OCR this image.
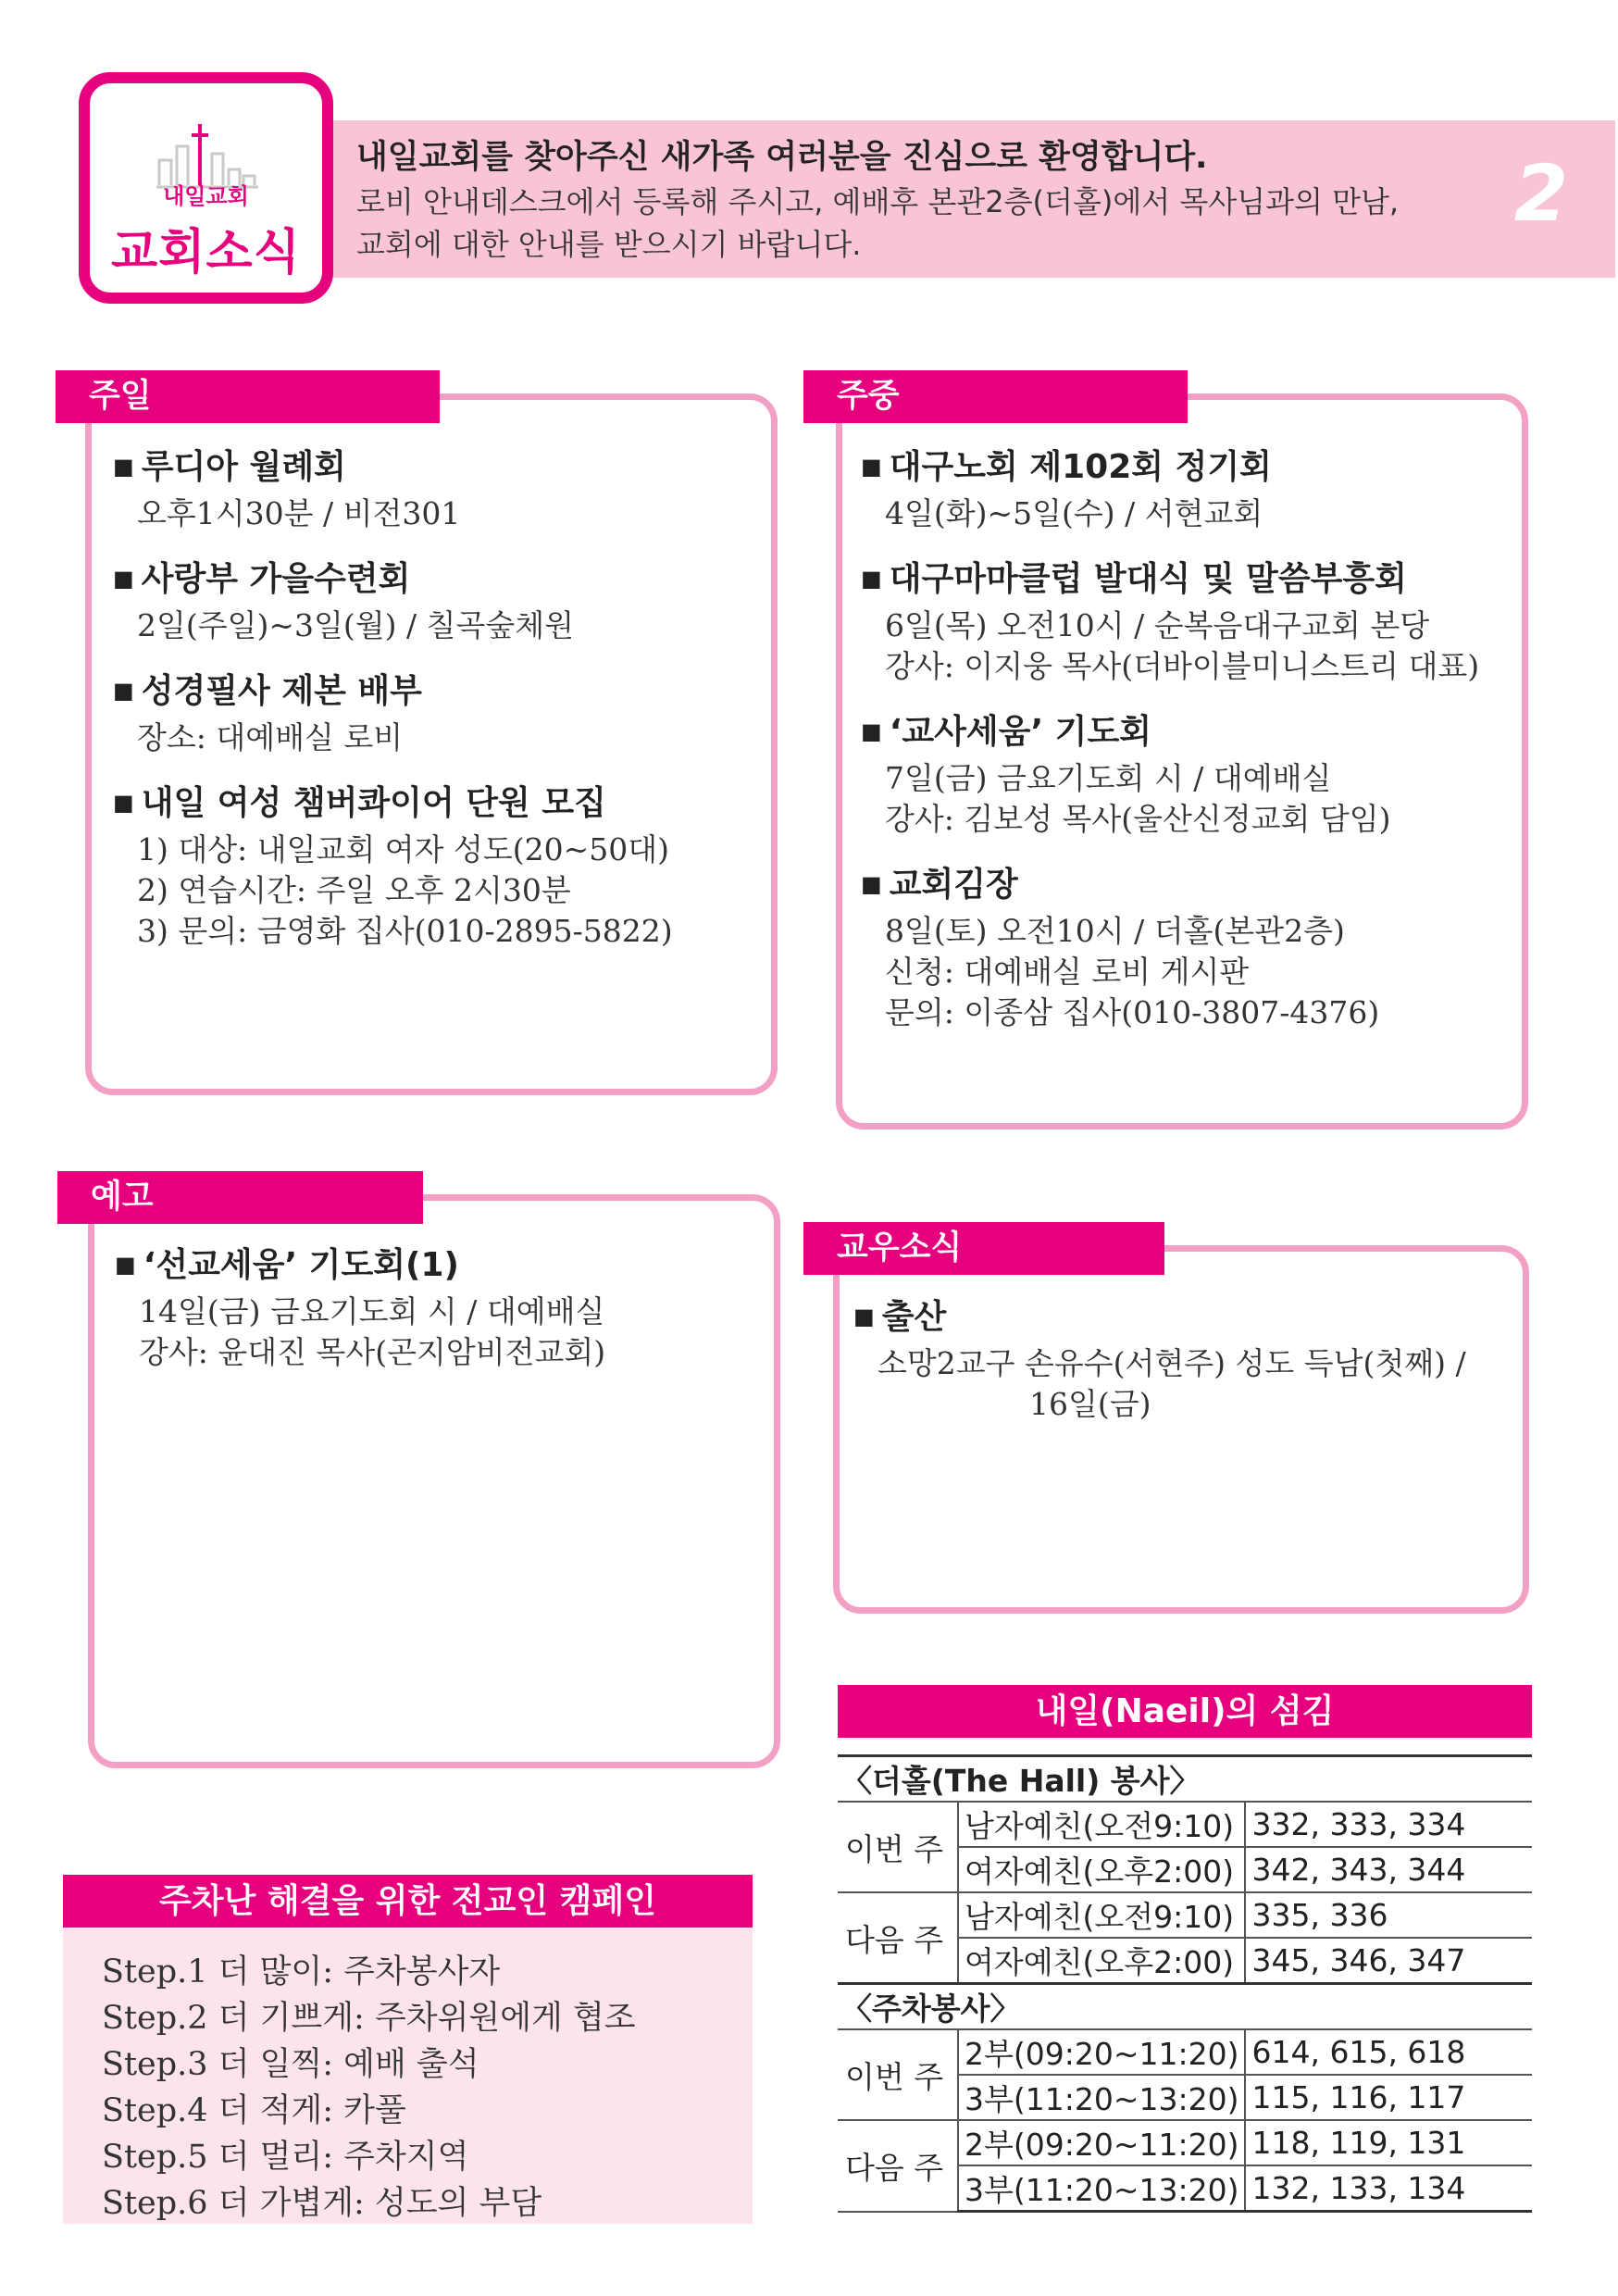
내일교회
교회소식
내일교회를 찾아주신 새가족 여러분을 진심으로 환영합니다.
로비 안내데스크에서 등록해 주시고, 예배후 본관2층(더홀)에서 목사님과의 만남,
교회에 대한 안내를 받으시기 바랍니다.
2
주일
■ 루디아 월례회
오후1시30분 / 비전301
■ 사랑부 가을수련회
2일(주일)~3일(월) / 칠곡숲체원
■ 성경필사 제본 배부
장소: 대예배실 로비
■ 내일 여성 챔버콰이어 단원 모집
1) 대상: 내일교회 여자 성도(20~50대)
2) 연습시간: 주일 오후 2시30분
3) 문의: 금영화 집사(010-2895-5822)
주중
■ 대구노회 제102회 정기회
4일(화)~5일(수) / 서현교회
■ 대구마마클럽 발대식 및 말씀부흥회
6일(목) 오전10시 / 순복음대구교회 본당
강사: 이지웅 목사(더바이블미니스트리 대표)
■ ‘교사세움’ 기도회
7일(금) 금요기도회 시 / 대예배실
강사: 김보성 목사(울산신정교회 담임)
■ 교회김장
8일(토) 오전10시 / 더홀(본관2층)
신청: 대예배실 로비 게시판
문의: 이종삼 집사(010-3807-4376)
예고
■ ‘선교세움’ 기도회(1)
14일(금) 금요기도회 시 / 대예배실
강사: 윤대진 목사(곤지암비전교회)
교우소식
■ 출산
소망2교구 손유수(서현주) 성도 득남(첫째) /
16일(금)
주차난 해결을 위한 전교인 캠페인
Step.1 더 많이: 주차봉사자
Step.2 더 기쁘게: 주차위원에게 협조
Step.3 더 일찍: 예배 출석
Step.4 더 적게: 카풀
Step.5 더 멀리: 주차지역
Step.6 더 가볍게: 성도의 부담
내일(Naeil)의 섬김
〈더홀(The Hall) 봉사〉		
이번 주	남자예친(오전9:10)	332, 333, 334
	여자예친(오후2:00)	342, 343, 344
다음 주	남자예친(오전9:10)	335, 336
	여자예친(오후2:00)	345, 346, 347
〈주차봉사〉		
이번 주	2부(09:20~11:20)	614, 615, 618
	3부(11:20~13:20)	115, 116, 117
다음 주	2부(09:20~11:20)	118, 119, 131
	3부(11:20~13:20)	132, 133, 134
